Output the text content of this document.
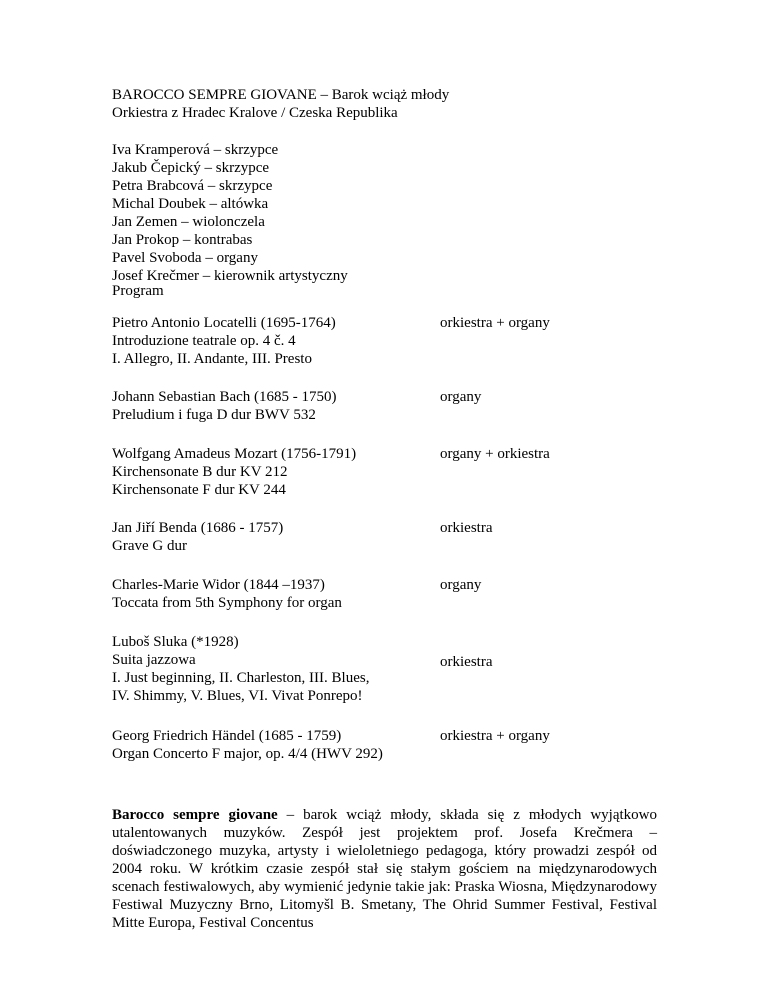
BAROCCO SEMPRE GIOVANE – Barok wciąż młody
Orkiestra z Hradec Kralove / Czeska Republika
Iva Kramperová – skrzypce
Jakub Čepický – skrzypce
Petra Brabcová – skrzypce
Michal Doubek – altówka
Jan Zemen – wiolonczela
Jan Prokop – kontrabas
Pavel Svoboda – organy
Josef Krečmer – kierownik artystyczny
Program
Pietro Antonio Locatelli (1695-1764)
Introduzione teatrale op. 4 č. 4
I. Allegro, II. Andante, III. Presto
orkiestra + organy
Johann Sebastian Bach (1685 - 1750)
Preludium i fuga D dur BWV 532
organy
Wolfgang Amadeus Mozart (1756-1791)
Kirchensonate B dur KV 212
Kirchensonate F dur KV 244
organy + orkiestra
Jan Jiří Benda (1686 - 1757)
Grave G dur
orkiestra
Charles-Marie Widor (1844 –1937)
Toccata from 5th Symphony for organ
organy
Luboš Sluka (*1928)
Suita jazzowa
I. Just beginning, II. Charleston, III. Blues,
IV. Shimmy, V. Blues, VI. Vivat Ponrepo!
orkiestra
Georg Friedrich Händel (1685 - 1759)
Organ Concerto F major, op. 4/4 (HWV 292)
orkiestra + organy

Barocco sempre giovane – barok wciąż młody, składa się z młodych wyjątkowo utalentowanych muzyków. Zespół jest projektem prof. Josefa Krečmera – doświadczonego muzyka, artysty i wieloletniego pedagoga, który prowadzi zespół od 2004 roku. W krótkim czasie zespół stał się stałym gościem na międzynarodowych scenach festiwalowych, aby wymienić jedynie takie jak: Praska Wiosna, Międzynarodowy Festiwal Muzyczny Brno, Litomyšl B. Smetany, The Ohrid Summer Festival, Festival Mitte Europa, Festival Concentus
